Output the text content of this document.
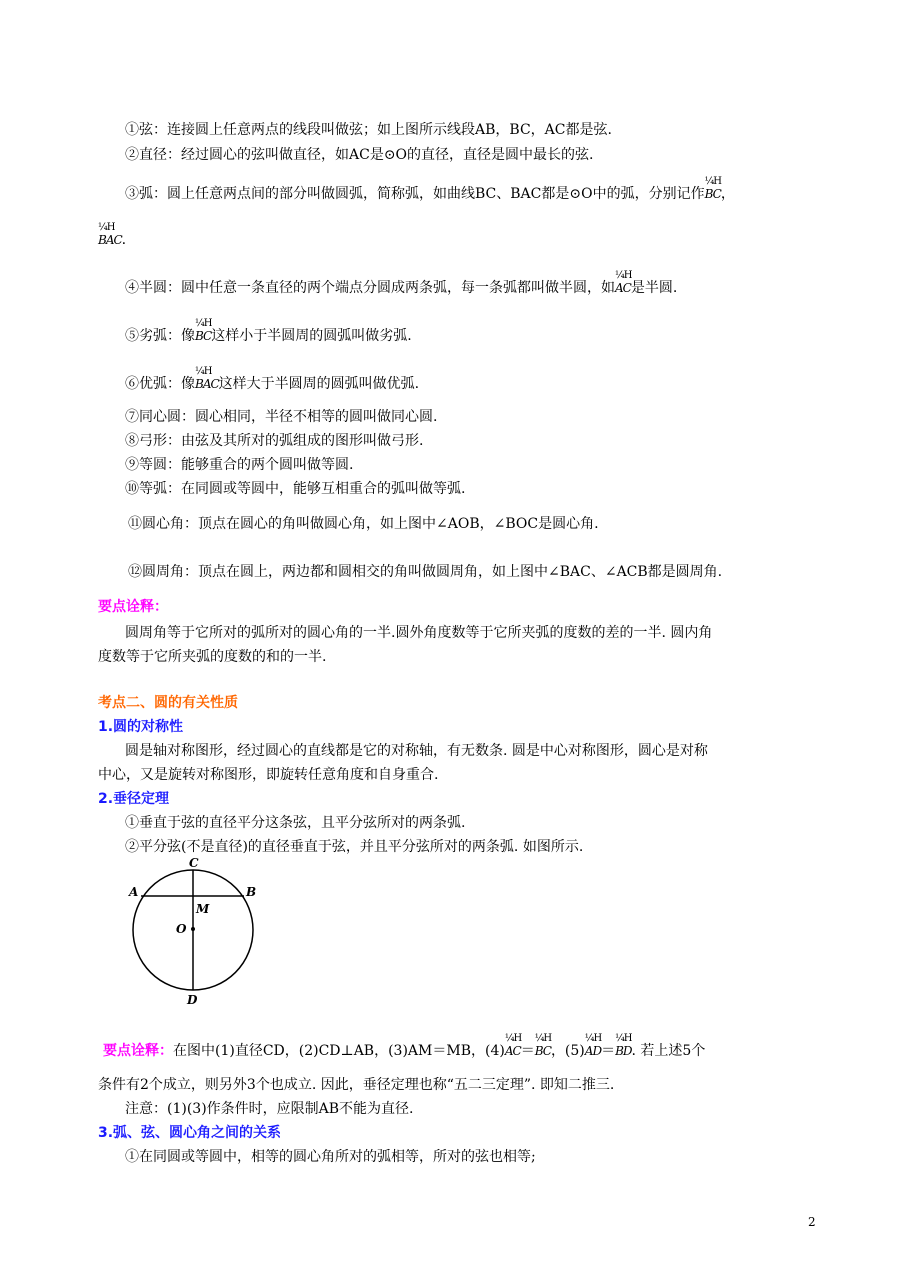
①弦：连接圆上任意两点的线段叫做弦；如上图所示线段AB，BC，AC都是弦.
②直径：经过圆心的弦叫做直径，如AC是⊙O的直径，直径是圆中最长的弦.
③弧：圆上任意两点间的部分叫做圆弧，简称弧，如曲线BC、BAC都是⊙O中的弧，分别记作
¼H
BC，
¼H
BAC.
④半圆：圆中任意一条直径的两个端点分圆成两条弧，每一条弧都叫做半圆，如
¼H
AC是半圆.
⑤劣弧：像
¼H
BC这样小于半圆周的圆弧叫做劣弧.
⑥优弧：像
¼H
BAC这样大于半圆周的圆弧叫做优弧.
⑦同心圆：圆心相同，半径不相等的圆叫做同心圆.
⑧弓形：由弦及其所对的弧组成的图形叫做弓形.
⑨等圆：能够重合的两个圆叫做等圆.
⑩等弧：在同圆或等圆中，能够互相重合的弧叫做等弧.
⑪圆心角：顶点在圆心的角叫做圆心角，如上图中∠AOB，∠BOC是圆心角.
⑫圆周角：顶点在圆上，两边都和圆相交的角叫做圆周角，如上图中∠BAC、∠ACB都是圆周角.
要点诠释：
圆周角等于它所对的弧所对的圆心角的一半.圆外角度数等于它所夹弧的度数的差的一半. 圆内角
度数等于它所夹弧的度数的和的一半.
考点二、圆的有关性质
1.圆的对称性
圆是轴对称图形，经过圆心的直线都是它的对称轴，有无数条. 圆是中心对称图形，圆心是对称
中心，又是旋转对称图形，即旋转任意角度和自身重合.
2.垂径定理
①垂直于弦的直径平分这条弦，且平分弦所对的两条弧.
②平分弦(不是直径)的直径垂直于弦，并且平分弦所对的两条弧. 如图所示.
C
A	B
M
O
D
要点诠释：在图中(1)直径CD，(2)CD⊥AB，(3)AM＝MB，(4)
¼H
AC＝
¼H
BC，(5)
¼H
AD＝
¼H
BD. 若上述5个
条件有2个成立，则另外3个也成立. 因此，垂径定理也称“五二三定理”. 即知二推三.
注意：(1)(3)作条件时，应限制AB不能为直径.
3.弧、弦、圆心角之间的关系
①在同圆或等圆中，相等的圆心角所对的弧相等，所对的弦也相等;
2
